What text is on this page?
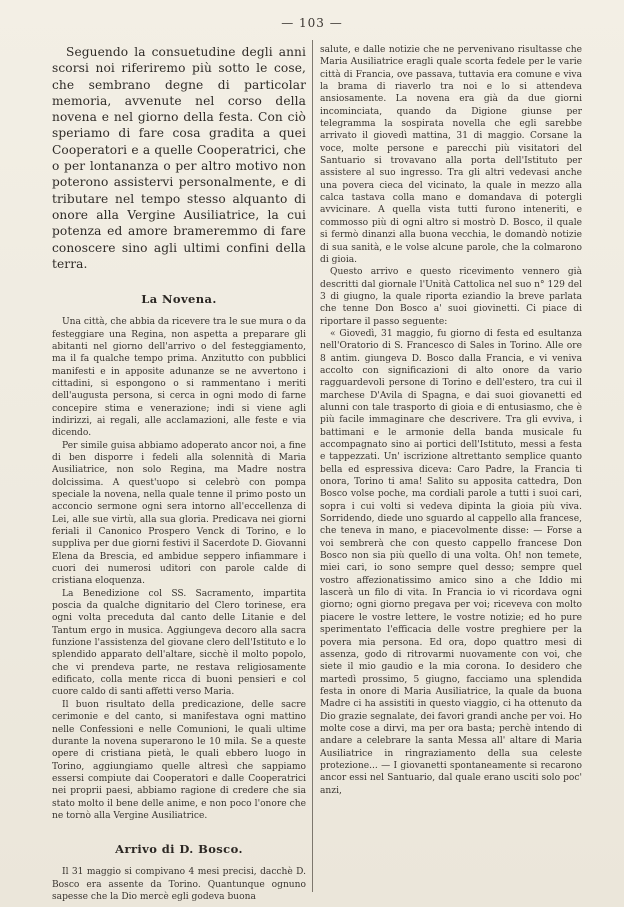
— 103 —

Seguendo la consuetudine degli anni scorsi noi riferiremo più sotto le cose, che sembrano degne di particolar memoria, avvenute nel corso della novena e nel giorno della festa. Con ciò speriamo di fare cosa gradita a quei Cooperatori e a quelle Cooperatrici, che o per lontananza o per altro motivo non poterono assistervi personalmente, e di tributare nel tempo stesso alquanto di onore alla Vergine Ausiliatrice, la cui potenza ed amore brameremmo di fare conoscere sino agli ultimi confini della terra.

La Novena.

Una città, che abbia da ricevere tra le sue mura o da festeggiare una Regina, non aspetta a preparare gli abitanti nel giorno dell'arrivo o del festeggiamento, ma il fa qualche tempo prima. Anzitutto con pubblici manifesti e in apposite adunanze se ne avvertono i cittadini, si espongono o si rammentano i meriti dell'augusta persona, si cerca in ogni modo di farne concepire stima e venerazione; indi si viene agli indirizzi, ai regali, alle acclamazioni, alle feste e via dicendo.

Per simile guisa abbiamo adoperato ancor noi, a fine di ben disporre i fedeli alla solennità di Maria Ausiliatrice, non solo Regina, ma Madre nostra dolcissima. A quest'uopo si celebrò con pompa speciale la novena, nella quale tenne il primo posto un acconcio sermone ogni sera intorno all'eccellenza di Lei, alle sue virtù, alla sua gloria. Predicava nei giorni feriali il Canonico Prospero Venck di Torino, e lo suppliva per due giorni festivi il Sacerdote D. Giovanni Elena da Brescia, ed ambidue seppero infiammare i cuori dei numerosi uditori con parole calde di cristiana eloquenza.

La Benedizione col SS. Sacramento, impartita poscia da qualche dignitario del Clero torinese, era ogni volta preceduta dal canto delle Litanie e del Tantum ergo in musica. Aggiungeva decoro alla sacra funzione l'assistenza del giovane clero dell'Istituto e lo splendido apparato dell'altare, sicchè il molto popolo, che vi prendeva parte, ne restava religiosamente edificato, colla mente ricca di buoni pensieri e col cuore caldo di santi affetti verso Maria.

Il buon risultato della predicazione, delle sacre cerimonie e del canto, si manifestava ogni mattino nelle Confessioni e nelle Comunioni, le quali ultime durante la novena superarono le 10 mila. Se a queste opere di cristiana pietà, le quali ebbero luogo in Torino, aggiungiamo quelle altresì che sappiamo essersi compiute dai Cooperatori e dalle Cooperatrici nei proprii paesi, abbiamo ragione di credere che sia stato molto il bene delle anime, e non poco l'onore che ne tornò alla Vergine Ausiliatrice.

Arrivo di D. Bosco.

Il 31 maggio si compivano 4 mesi precisi, dacchè D. Bosco era assente da Torino. Quantunque ognuno sapesse che la Dio mercè egli godeva buona

salute, e dalle notizie che ne pervenivano risultasse che Maria Ausiliatrice eragli quale scorta fedele per le varie città di Francia, ove passava, tuttavia era comune e viva la brama di riaverlo tra noi e lo si attendeva ansiosamente. La novena era già da due giorni incominciata, quando da Digione giunse per telegramma la sospirata novella che egli sarebbe arrivato il giovedì mattina, 31 di maggio. Corsane la voce, molte persone e parecchi più visitatori del Santuario si trovavano alla porta dell'Istituto per assistere al suo ingresso. Tra gli altri vedevasi anche una povera cieca del vicinato, la quale in mezzo alla calca tastava colla mano e domandava di potergli avvicinare. A quella vista tutti furono inteneriti, e commosso più di ogni altro si mostrò D. Bosco, il quale si fermò dinanzi alla buona vecchia, le domandò notizie di sua sanità, e le volse alcune parole, che la colmarono di gioia.

Questo arrivo e questo ricevimento vennero già descritti dal giornale l'Unità Cattolica nel suo n° 129 del 3 di giugno, la quale riporta eziandio la breve parlata che tenne Don Bosco a' suoi giovinetti. Ci piace di riportare il passo seguente:

« Giovedì, 31 maggio, fu giorno di festa ed esultanza nell'Oratorio di S. Francesco di Sales in Torino. Alle ore 8 antim. giungeva D. Bosco dalla Francia, e vi veniva accolto con significazioni di alto onore da vario ragguardevoli persone di Torino e dell'estero, tra cui il marchese D'Avila di Spagna, e dai suoi giovanetti ed alunni con tale trasporto di gioia e di entusiasmo, che è più facile immaginare che descrivere. Tra gli evviva, i battimani e le armonie della banda musicale fu accompagnato sino ai portici dell'Istituto, messi a festa e tappezzati. Un' iscrizione altrettanto semplice quanto bella ed espressiva diceva: Caro Padre, la Francia ti onora, Torino ti ama! Salito su apposita cattedra, Don Bosco volse poche, ma cordiali parole a tutti i suoi cari, sopra i cui volti si vedeva dipinta la gioia più viva. Sorridendo, diede uno sguardo al cappello alla francese, che teneva in mano, e piacevolmente disse: — Forse a voi sembrerà che con questo cappello francese Don Bosco non sia più quello di una volta. Oh! non temete, miei cari, io sono sempre quel desso; sempre quel vostro affezionatissimo amico sino a che Iddio mi lascerà un filo di vita. In Francia io vi ricordava ogni giorno; ogni giorno pregava per voi; riceveva con molto piacere le vostre lettere, le vostre notizie; ed ho pure sperimentato l'efficacia delle vostre preghiere per la povera mia persona. Ed ora, dopo quattro mesi di assenza, godo di ritrovarmi nuovamente con voi, che siete il mio gaudio e la mia corona. Io desidero che martedì prossimo, 5 giugno, facciamo una splendida festa in onore di Maria Ausiliatrice, la quale da buona Madre ci ha assistiti in questo viaggio, ci ha ottenuto da Dio grazie segnalate, dei favori grandi anche per voi. Ho molte cose a dirvi, ma per ora basta; perchè intendo di andare a celebrare la santa Messa all' altare di Maria Ausiliatrice in ringraziamento della sua celeste protezione... — I giovanetti spontaneamente si recarono ancor essi nel Santuario, dal quale erano usciti solo poc' anzi,
